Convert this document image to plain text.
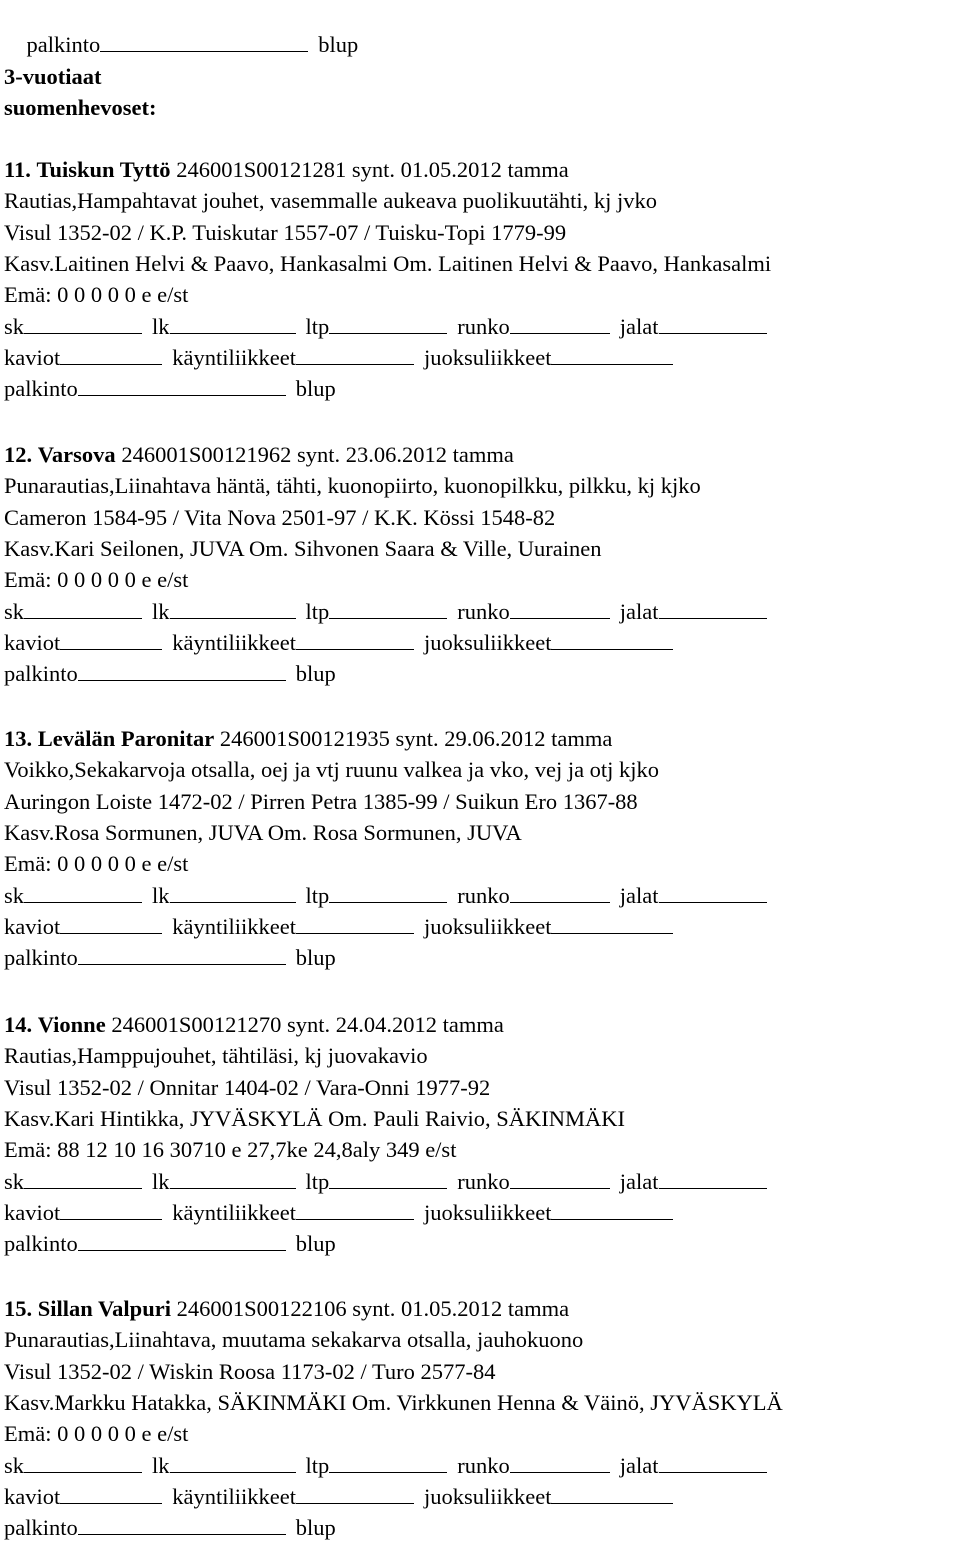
palkinto	blup

3-vuotiaat
suomenhevoset:
11. Tuiskun Tyttö 246001S00121281 synt. 01.05.2012 tamma
Rautias,Hampahtavat jouhet, vasemmalle aukeava puolikuutähti, kj jvko
Visul 1352-02 / K.P. Tuiskutar 1557-07 / Tuisku-Topi 1779-99
Kasv.Laitinen Helvi & Paavo, Hankasalmi Om. Laitinen Helvi & Paavo, Hankasalmi
Emä: 0 0 0 0 0 e e/st
sk	lk	ltp	runko	jalat
kaviot	käyntiliikkeet	juoksuliikkeet
palkinto	blup
12. Varsova 246001S00121962 synt. 23.06.2012 tamma
Punarautias,Liinahtava häntä, tähti, kuonopiirto, kuonopilkku, pilkku, kj kjko
Cameron 1584-95 / Vita Nova 2501-97 / K.K. Kössi 1548-82
Kasv.Kari Seilonen, JUVA Om. Sihvonen Saara & Ville, Uurainen
Emä: 0 0 0 0 0 e e/st
sk	lk	ltp	runko	jalat
kaviot	käyntiliikkeet	juoksuliikkeet
palkinto	blup
13. Levälän Paronitar 246001S00121935 synt. 29.06.2012 tamma
Voikko,Sekakarvoja otsalla, oej ja vtj ruunu valkea ja vko, vej ja otj kjko
Auringon Loiste 1472-02 / Pirren Petra 1385-99 / Suikun Ero 1367-88
Kasv.Rosa Sormunen, JUVA Om. Rosa Sormunen, JUVA
Emä: 0 0 0 0 0 e e/st
sk	lk	ltp	runko	jalat
kaviot	käyntiliikkeet	juoksuliikkeet
palkinto	blup
14. Vionne 246001S00121270 synt. 24.04.2012 tamma
Rautias,Hamppujouhet, tähtiläsi, kj juovakavio
Visul 1352-02 / Onnitar 1404-02 / Vara-Onni 1977-92
Kasv.Kari Hintikka, JYVÄSKYLÄ Om. Pauli Raivio, SÄKINMÄKI
Emä: 88 12 10 16 30710 e 27,7ke 24,8aly 349 e/st
sk	lk	ltp	runko	jalat
kaviot	käyntiliikkeet	juoksuliikkeet
palkinto	blup
15. Sillan Valpuri 246001S00122106 synt. 01.05.2012 tamma
Punarautias,Liinahtava, muutama sekakarva otsalla, jauhokuono
Visul 1352-02 / Wiskin Roosa 1173-02 / Turo 2577-84
Kasv.Markku Hatakka, SÄKINMÄKI Om. Virkkunen Henna & Väinö, JYVÄSKYLÄ
Emä: 0 0 0 0 0 e e/st
sk	lk	ltp	runko	jalat
kaviot	käyntiliikkeet	juoksuliikkeet
palkinto	blup
